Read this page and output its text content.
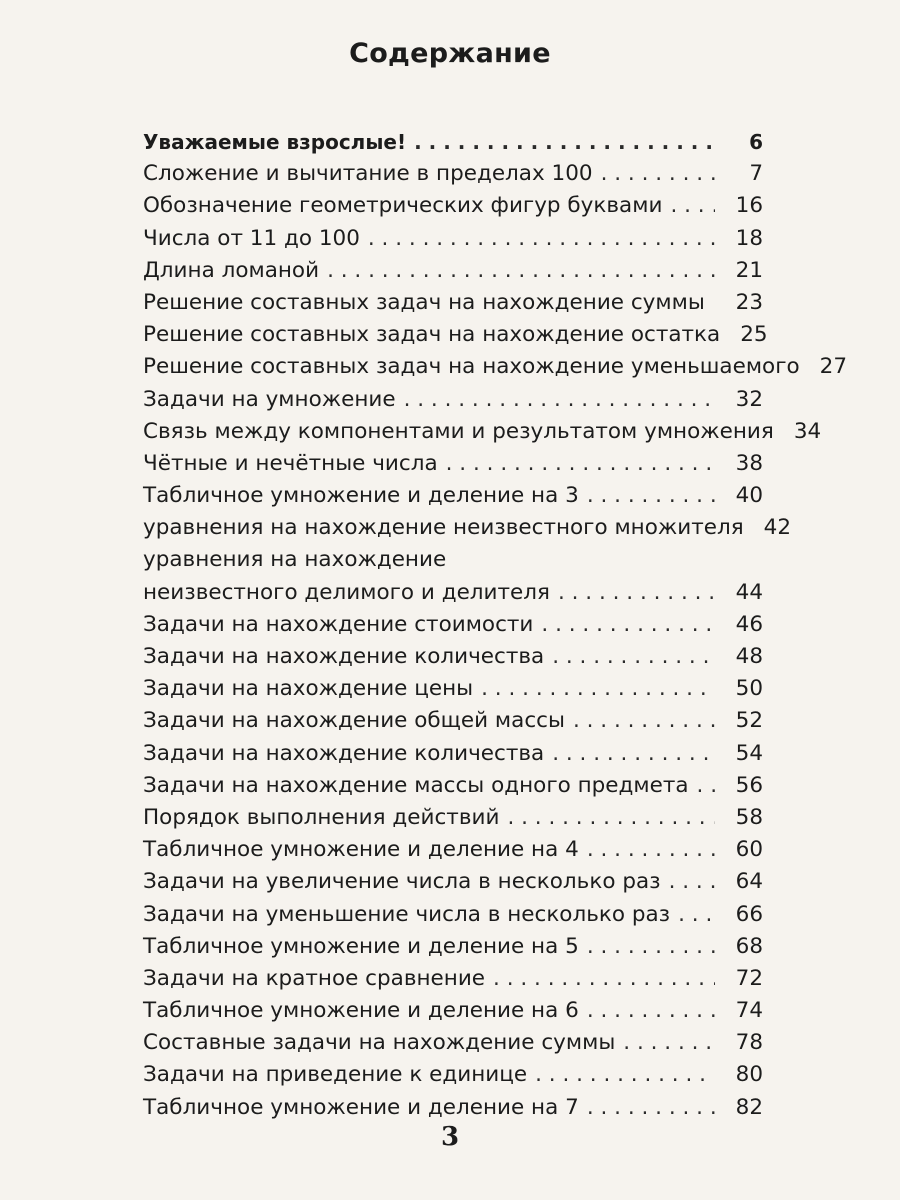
Содержание
Уважаемые взрослые! . . .	6
Сложение и вычитание в пределах 100 . . .	7
Обозначение геометрических фигур буквами . . .	16
Числа от 11 до 100 . . .	18
Длина ломаной . . .	21
Решение составных задач на нахождение суммы . . .	23
Решение составных задач на нахождение остатка 25
Решение составных задач на нахождение уменьшаемого 27
Задачи на умножение . . .	32
Связь между компонентами и результатом умножения 34
Чётные и нечётные числа . . .	38
Табличное умножение и деление на 3 . . .	40
уравнения на нахождение неизвестного множителя 42
уравнения на нахождение
неизвестного делимого и делителя . . .	44
Задачи на нахождение стоимости . . .	46
Задачи на нахождение количества . . .	48
Задачи на нахождение цены . . .	50
Задачи на нахождение общей массы . . .	52
Задачи на нахождение количества . . .	54
Задачи на нахождение массы одного предмета . . .	56
Порядок выполнения действий . . .	58
Табличное умножение и деление на 4 . . .	60
Задачи на увеличение числа в несколько раз . . .	64
Задачи на уменьшение числа в несколько раз . . .	66
Табличное умножение и деление на 5 . . .	68
Задачи на кратное сравнение . . .	72
Табличное умножение и деление на 6 . . .	74
Составные задачи на нахождение суммы . . .	78
Задачи на приведение к единице . . .	80
Табличное умножение и деление на 7 . . .	82
3
